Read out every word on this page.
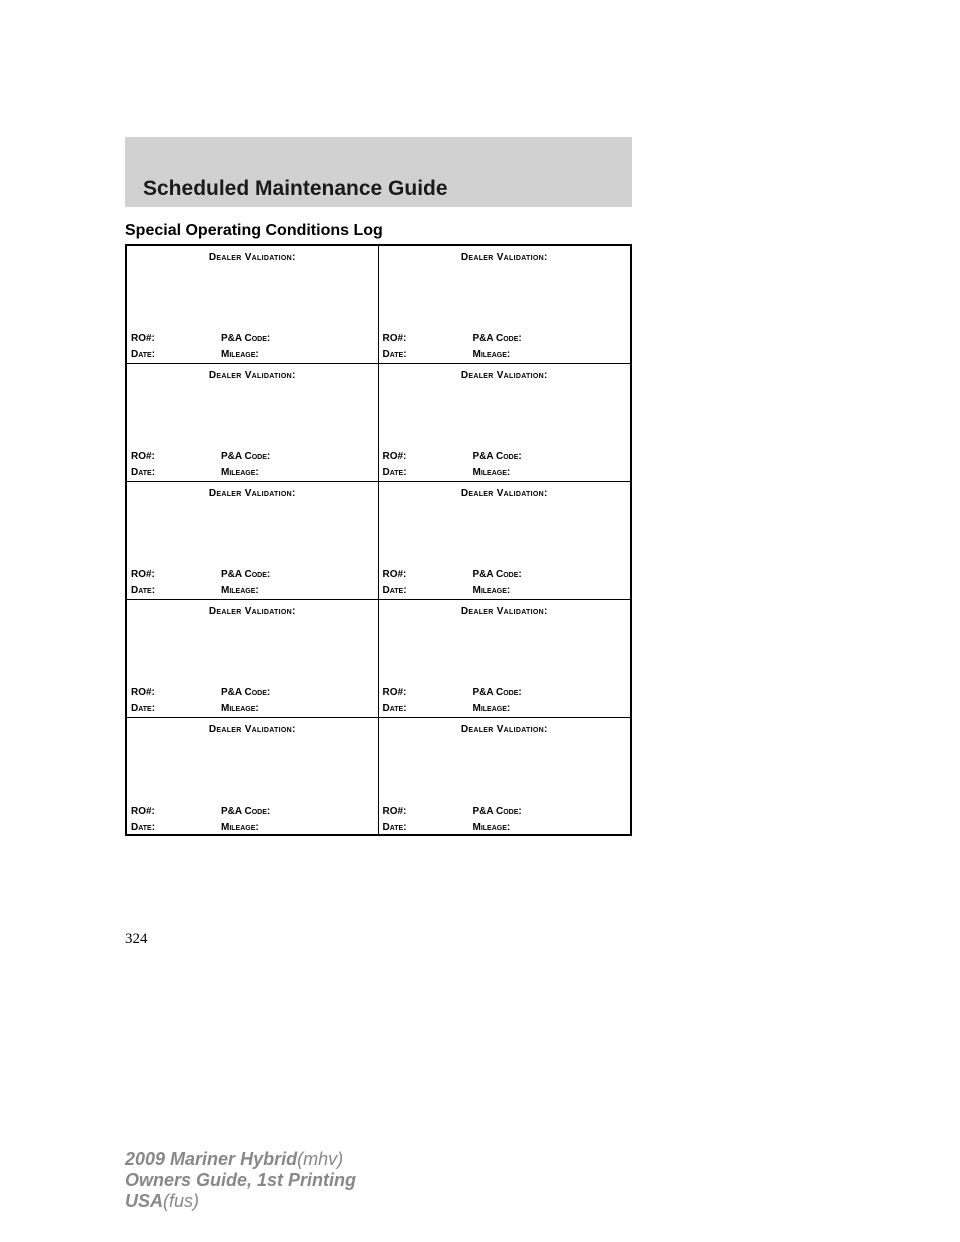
Scheduled Maintenance Guide
Special Operating Conditions Log
Dealer Validation:
RO#:	P&A Code:
Date:	Mileage:
Dealer Validation:
RO#:	P&A Code:
Date:	Mileage:
Dealer Validation:
RO#:	P&A Code:
Date:	Mileage:
Dealer Validation:
RO#:	P&A Code:
Date:	Mileage:
Dealer Validation:
RO#:	P&A Code:
Date:	Mileage:
Dealer Validation:
RO#:	P&A Code:
Date:	Mileage:
Dealer Validation:
RO#:	P&A Code:
Date:	Mileage:
Dealer Validation:
RO#:	P&A Code:
Date:	Mileage:
Dealer Validation:
RO#:	P&A Code:
Date:	Mileage:
Dealer Validation:
RO#:	P&A Code:
Date:	Mileage:
324
2009 Mariner Hybrid(mhv)
Owners Guide, 1st Printing
USA(fus)
